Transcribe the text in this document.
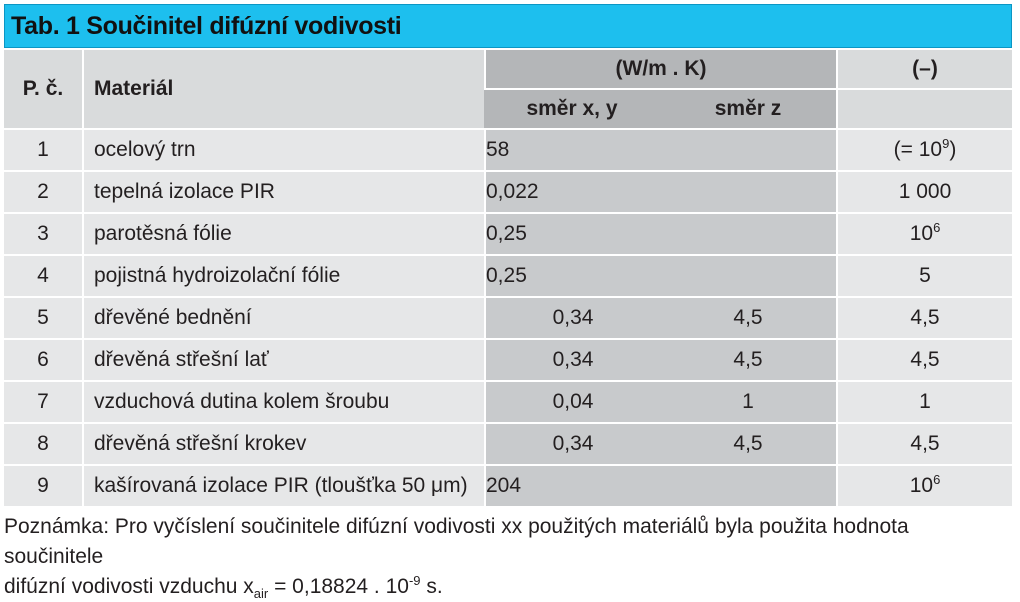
Tab. 1 Součinitel difúzní vodivosti
P. č.	Materiál	(W/m . K)		(–)
		směr x, y	směr z	
1	ocelový trn	58		(= $10^9$)
2	tepelná izolace PIR	0,022		1 000
3	parotěsná fólie	0,25		$10^6$
4	pojistná hydroizolační fólie	0,25		5
5	dřevěné bednění	0,34	4,5	4,5
6	dřevěná střešní lať	0,34	4,5	4,5
7	vzduchová dutina kolem šroubu	0,04	1	1
8	dřevěná střešní krokev	0,34	4,5	4,5
9	kašírovaná izolace PIR (tloušťka 50 μm)	204		$10^6$
Poznámka: Pro vyčíslení součinitele difúzní vodivosti xx použitých materiálů byla použita hodnota součinitele
difúzní vodivosti vzduchu $x_{air} = 0,18824$ . $10^{-9}$ s.
